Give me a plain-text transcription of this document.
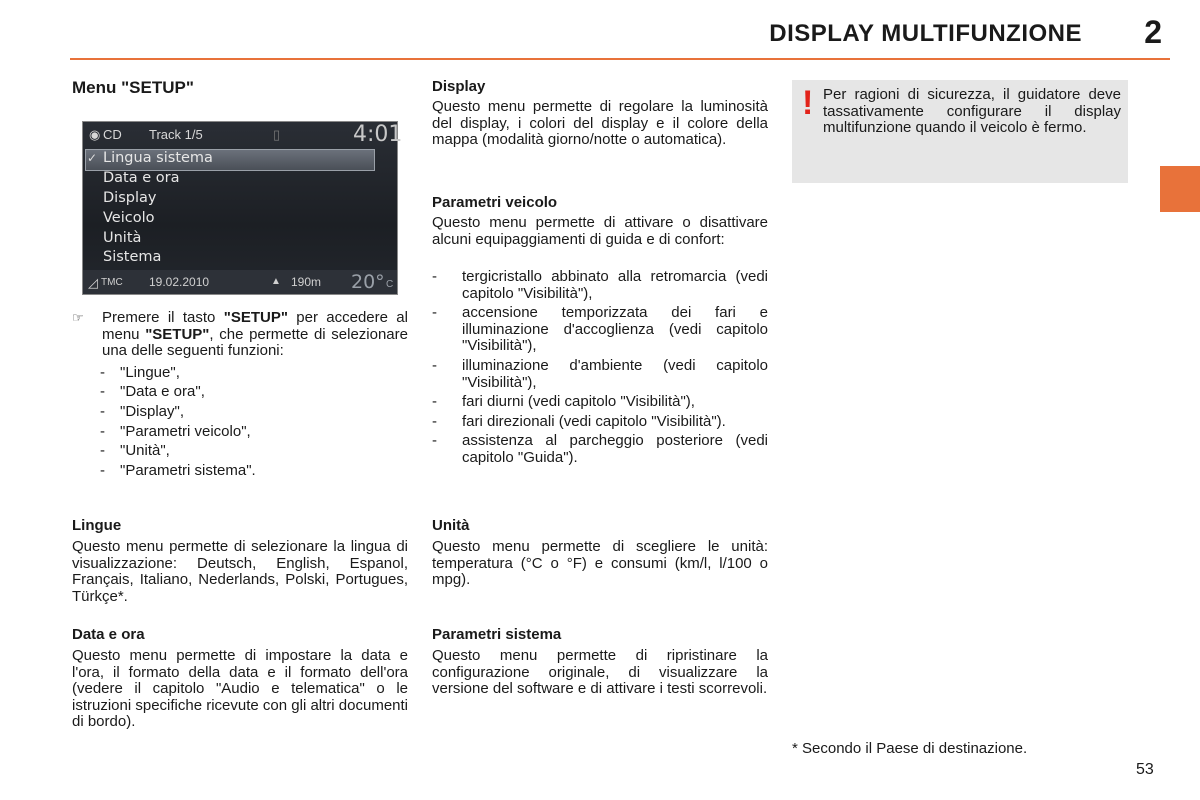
DISPLAY MULTIFUNZIONE 2
Menu "SETUP"
◉ CD Track 1/5	▯	4:01
✓ Lingua sistema
Data e ora
Display
Veicolo
Unità
Sistema
◿ TMC 19.02.2010	▲ 190m 20° C
☞ Premere il tasto "SETUP" per accedere al menu "SETUP", che permette di selezionare una delle seguenti funzioni:

- "Lingue",
- "Data e ora",
- "Display",
- "Parametri veicolo",
- "Unità",
- "Parametri sistema".
Lingue
Questo menu permette di selezionare la lingua di visualizzazione: Deutsch, English, Espanol, Français, Italiano, Nederlands, Polski, Portugues, Türkçe*.
Data e ora
Questo menu permette di impostare la data e l'ora, il formato della data e il formato dell'ora (vedere il capitolo "Audio e telematica" o le istruzioni specifiche ricevute con gli altri documenti di bordo).
Display
Questo menu permette di regolare la luminosità del display, i colori del display e il colore della mappa (modalità giorno/notte o automatica).
Parametri veicolo
Questo menu permette di attivare o disattivare alcuni equipaggiamenti di guida e di confort:
- tergicristallo abbinato alla retromarcia (vedi capitolo "Visibilità"),
- accensione temporizzata dei fari e illuminazione d'accoglienza (vedi capitolo "Visibilità"),
- illuminazione d'ambiente (vedi capitolo "Visibilità"),
- fari diurni (vedi capitolo "Visibilità"),
- fari direzionali (vedi capitolo "Visibilità").
- assistenza al parcheggio posteriore (vedi capitolo "Guida").
Unità
Questo menu permette di scegliere le unità: temperatura (°C o °F) e consumi (km/l, l/100 o mpg).
Parametri sistema
Questo menu permette di ripristinare la configurazione originale, di visualizzare la versione del software e di attivare i testi scorrevoli.
! Per ragioni di sicurezza, il guidatore deve tassativamente configurare il display multifunzione quando il veicolo è fermo.
* Secondo il Paese di destinazione.
53
